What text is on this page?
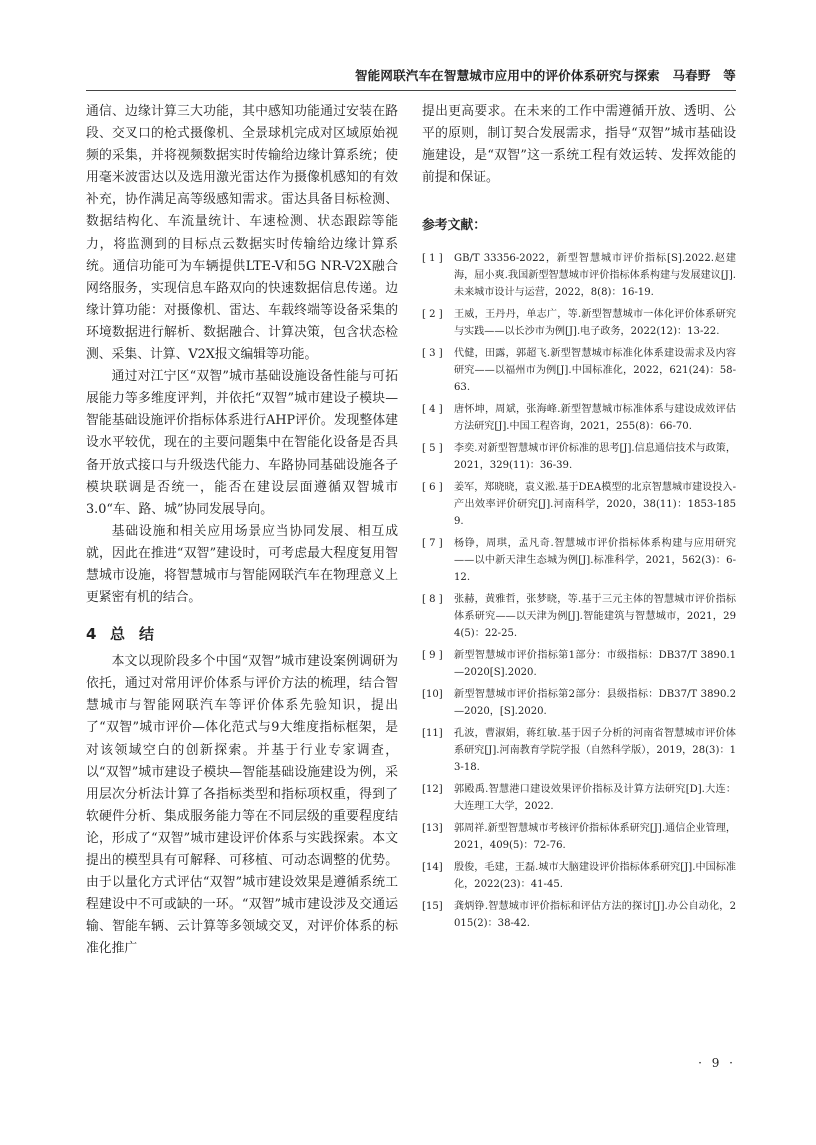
智能网联汽车在智慧城市应用中的评价体系研究与探索　马春野　等

通信、边缘计算三大功能，其中感知功能通过安装在路段、交叉口的枪式摄像机、全景球机完成对区域原始视频的采集，并将视频数据实时传输给边缘计算系统；使用毫米波雷达以及选用激光雷达作为摄像机感知的有效补充，协作满足高等级感知需求。雷达具备目标检测、数据结构化、车流量统计、车速检测、状态跟踪等能力，将监测到的目标点云数据实时传输给边缘计算系统。通信功能可为车辆提供LTE-V和5G NR-V2X融合网络服务，实现信息车路双向的快速数据信息传递。边缘计算功能：对摄像机、雷达、车载终端等设备采集的环境数据进行解析、数据融合、计算决策，包含状态检测、采集、计算、V2X报文编辑等功能。

通过对江宁区“双智”城市基础设施设备性能与可拓展能力等多维度评判，并依托“双智”城市建设子模块—智能基础设施评价指标体系进行AHP评价。发现整体建设水平较优，现在的主要问题集中在智能化设备是否具备开放式接口与升级迭代能力、车路协同基础设施各子模块联调是否统一，能否在建设层面遵循双智城市3.0“车、路、城”协同发展导向。

基础设施和相关应用场景应当协同发展、相互成就，因此在推进“双智”建设时，可考虑最大程度复用智慧城市设施，将智慧城市与智能网联汽车在物理意义上更紧密有机的结合。

4 总结

本文以现阶段多个中国“双智”城市建设案例调研为依托，通过对常用评价体系与评价方法的梳理，结合智慧城市与智能网联汽车等评价体系先验知识，提出了“双智”城市评价—体化范式与9大维度指标框架，是对该领域空白的创新探索。并基于行业专家调查，以“双智”城市建设子模块—智能基础设施建设为例，采用层次分析法计算了各指标类型和指标项权重，得到了软硬件分析、集成服务能力等在不同层级的重要程度结论，形成了“双智”城市建设评价体系与实践探索。本文提出的模型具有可解释、可移植、可动态调整的优势。由于以量化方式评估“双智”城市建设效果是遵循系统工程建设中不可或缺的一环。“双智”城市建设涉及交通运输、智能车辆、云计算等多领域交叉，对评价体系的标准化推广

提出更高要求。在未来的工作中需遵循开放、透明、公平的原则，制订契合发展需求，指导“双智”城市基础设施建设，是“双智”这一系统工程有效运转、发挥效能的前提和保证。

参考文献：
[ 1 ]	GB/T 33356-2022，新型智慧城市评价指标[S].2022.赵建海，屈小爽.我国新型智慧城市评价指标体系构建与发展建议[J].未来城市设计与运营，2022，8(8)：16-19.
[ 2 ]	王威，王丹丹，单志广，等.新型智慧城市一体化评价体系研究与实践——以长沙市为例[J].电子政务，2022(12)：13-22.
[ 3 ]	代健，田露，郭超飞.新型智慧城市标准化体系建设需求及内容研究——以福州市为例[J].中国标准化，2022，621(24)：58-63.
[ 4 ]	唐怀坤，周斌，张海峰.新型智慧城市标准体系与建设成效评估方法研究[J].中国工程咨询，2021，255(8)：66-70.
[ 5 ]	李奕.对新型智慧城市评价标准的思考[J].信息通信技术与政策，2021，329(11)：36-39.
[ 6 ]	姜军，郑晓晓，袁义淞.基于DEA模型的北京智慧城市建设投入-产出效率评价研究[J].河南科学，2020，38(11)：1853-1859.
[ 7 ]	杨铮，周琪，孟凡奇.智慧城市评价指标体系构建与应用研究——以中新天津生态城为例[J].标准科学，2021，562(3)：6-12.
[ 8 ]	张赫，黄雅哲，张梦晓，等.基于三元主体的智慧城市评价指标体系研究——以天津为例[J].智能建筑与智慧城市，2021，294(5)：22-25.
[ 9 ]	新型智慧城市评价指标第1部分：市级指标：DB37/T 3890.1—2020[S].2020.
[10]	新型智慧城市评价指标第2部分：县级指标：DB37/T 3890.2—2020，[S].2020.
[11]	孔波，曹淑娟，蒋红敏.基于因子分析的河南省智慧城市评价体系研究[J].河南教育学院学报（自然科学版），2019，28(3)：13-18.
[12]	郭殿禹.智慧港口建设效果评价指标及计算方法研究[D].大连：大连理工大学，2022.
[13]	郭周祥.新型智慧城市考核评价指标体系研究[J].通信企业管理，2021，409(5)：72-76.
[14]	殷俊，毛建，王磊.城市大脑建设评价指标体系研究[J].中国标准化，2022(23)：41-45.
[15]	龚炳铮.智慧城市评价指标和评估方法的探讨[J].办公自动化，2015(2)：38-42.
· 9 ·
